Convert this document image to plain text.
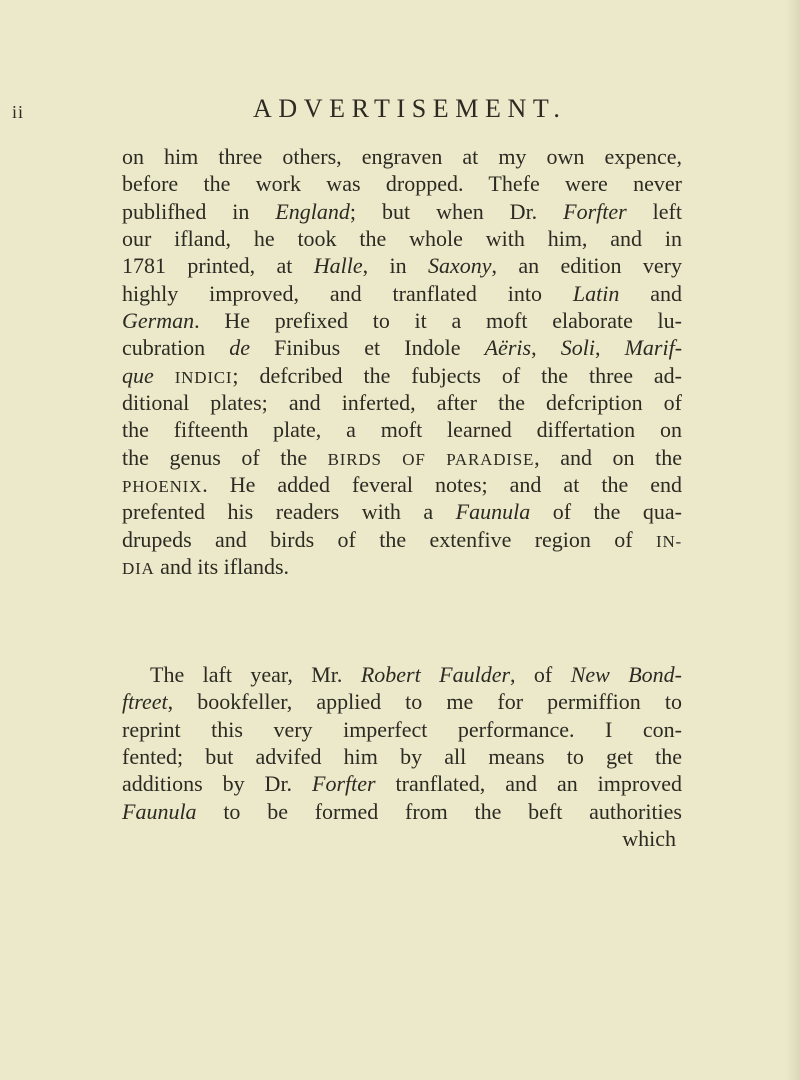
ii	ADVERTISEMENT.
on him three others, engraven at my own expence,
before the work was dropped. Thefe were never
publifhed in England; but when Dr. Forfter left
our ifland, he took the whole with him, and in
1781 printed, at Halle, in Saxony, an edition very
highly improved, and tranflated into Latin and
German. He prefixed to it a moft elaborate lu-
cubration de Finibus et Indole Aëris, Soli, Marif-
que INDICI; defcribed the fubjects of the three ad-
ditional plates; and inferted, after the defcription of
the fifteenth plate, a moft learned differtation on
the genus of the BIRDS OF PARADISE, and on the
PHOENIX. He added feveral notes; and at the end
prefented his readers with a Faunula of the qua-
drupeds and birds of the extenfive region of IN-
DIA and its iflands.
The laft year, Mr. Robert Faulder, of New Bond-
ftreet, bookfeller, applied to me for permiffion to
reprint this very imperfect performance. I con-
fented; but advifed him by all means to get the
additions by Dr. Forfter tranflated, and an improved
Faunula to be formed from the beft authorities
which
